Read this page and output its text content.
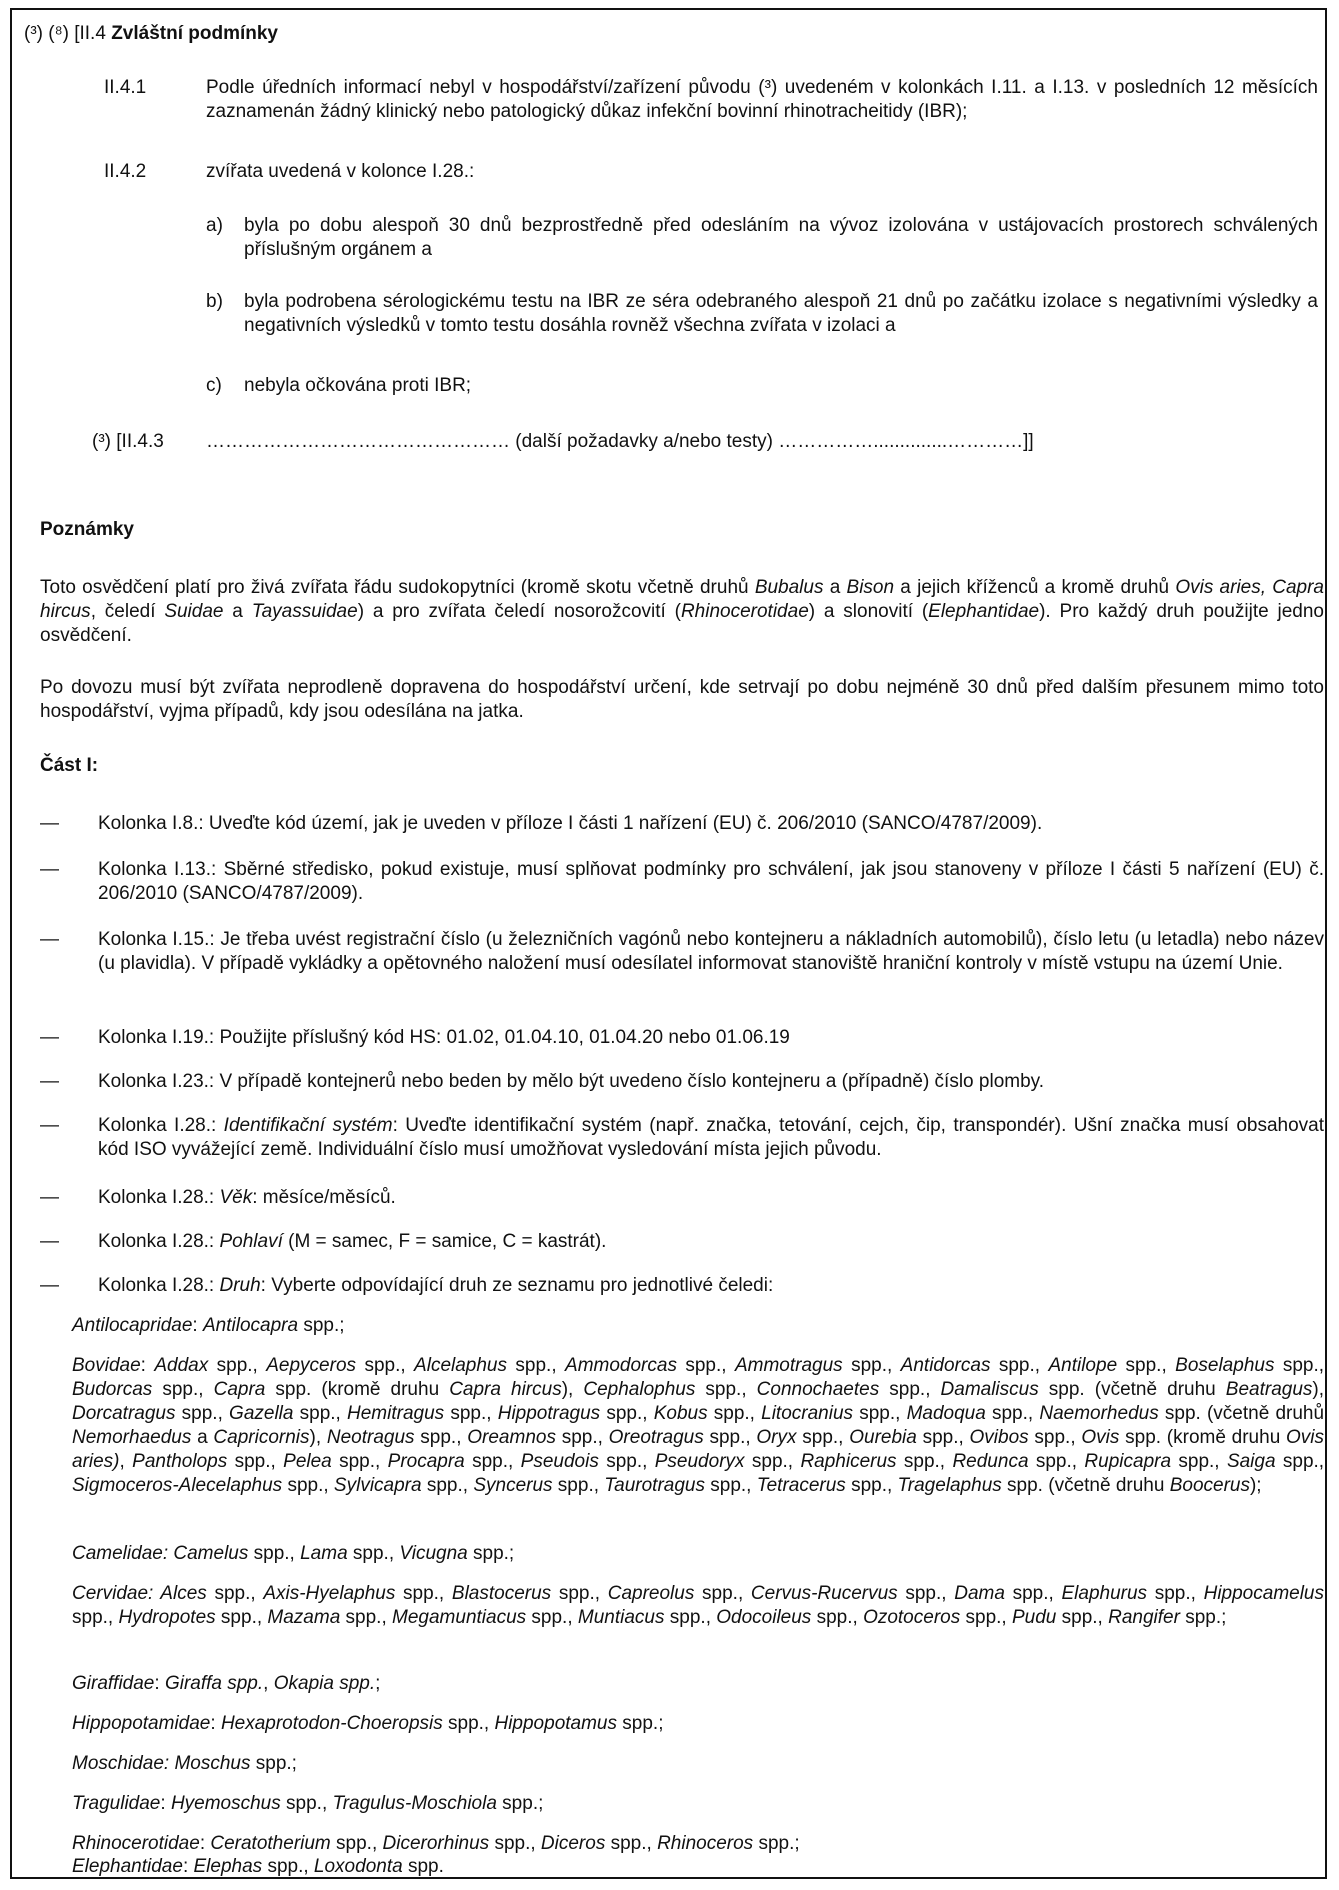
(³) (⁸) [II.4 Zvláštní podmínky
II.4.1	Podle úředních informací nebyl v hospodářství/zařízení původu (³) uvedeném v kolonkách I.11. a I.13. v posledních 12 měsících zaznamenán žádný klinický nebo patologický důkaz infekční bovinní rhinotracheitidy (IBR);
II.4.2	zvířata uvedená v kolonce I.28.:
a) byla po dobu alespoň 30 dnů bezprostředně před odesláním na vývoz izolována v ustájovacích prostorech schválených příslušným orgánem a
b) byla podrobena sérologickému testu na IBR ze séra odebraného alespoň 21 dnů po začátku izolace s negativními výsledky a negativních výsledků v tomto testu dosáhla rovněž všechna zvířata v izolaci a
c) nebyla očkována proti IBR;
(³) [II.4.3 ………………………………………… (další požadavky a/nebo testy) ……………..............…………]]
Poznámky
Toto osvědčení platí pro živá zvířata řádu sudokopytníci (kromě skotu včetně druhů Bubalus a Bison a jejich kříženců a kromě druhů Ovis aries, Capra hircus, čeledí Suidae a Tayassuidae) a pro zvířata čeledí nosorožcovití (Rhinocerotidae) a slonovití (Elephantidae). Pro každý druh použijte jedno osvědčení.
Po dovozu musí být zvířata neprodleně dopravena do hospodářství určení, kde setrvají po dobu nejméně 30 dnů před dalším přesunem mimo toto hospodářství, vyjma případů, kdy jsou odesílána na jatka.
Část I:
— Kolonka I.8.: Uveďte kód území, jak je uveden v příloze I části 1 nařízení (EU) č. 206/2010 (SANCO/4787/2009).
— Kolonka I.13.: Sběrné středisko, pokud existuje, musí splňovat podmínky pro schválení, jak jsou stanoveny v příloze I části 5 nařízení (EU) č. 206/2010 (SANCO/4787/2009).
— Kolonka I.15.: Je třeba uvést registrační číslo (u železničních vagónů nebo kontejneru a nákladních automobilů), číslo letu (u letadla) nebo název (u plavidla). V případě vykládky a opětovného naložení musí odesílatel informovat stanoviště hraniční kontroly v místě vstupu na území Unie.
— Kolonka I.19.: Použijte příslušný kód HS: 01.02, 01.04.10, 01.04.20 nebo 01.06.19
— Kolonka I.23.: V případě kontejnerů nebo beden by mělo být uvedeno číslo kontejneru a (případně) číslo plomby.
— Kolonka I.28.: Identifikační systém: Uveďte identifikační systém (např. značka, tetování, cejch, čip, transpondér). Ušní značka musí obsahovat kód ISO vyvážející země. Individuální číslo musí umožňovat vysledování místa jejich původu.
— Kolonka I.28.: Věk: měsíce/měsíců.
— Kolonka I.28.: Pohlaví (M = samec, F = samice, C = kastrát).
— Kolonka I.28.: Druh: Vyberte odpovídající druh ze seznamu pro jednotlivé čeledi:
Antilocapridae: Antilocapra spp.;
Bovidae: Addax spp., Aepyceros spp., Alcelaphus spp., Ammodorcas spp., Ammotragus spp., Antidorcas spp., Antilope spp., Boselaphus spp., Budorcas spp., Capra spp. (kromě druhu Capra hircus), Cephalophus spp., Connochaetes spp., Damaliscus spp. (včetně druhu Beatragus), Dorcatragus spp., Gazella spp., Hemitragus spp., Hippotragus spp., Kobus spp., Litocranius spp., Madoqua spp., Naemorhedus spp. (včetně druhů Nemorhaedus a Capricornis), Neotragus spp., Oreamnos spp., Oreotragus spp., Oryx spp., Ourebia spp., Ovibos spp., Ovis spp. (kromě druhu Ovis aries), Pantholops spp., Pelea spp., Procapra spp., Pseudois spp., Pseudoryx spp., Raphicerus spp., Redunca spp., Rupicapra spp., Saiga spp., Sigmoceros-Alecelaphus spp., Sylvicapra spp., Syncerus spp., Taurotragus spp., Tetracerus spp., Tragelaphus spp. (včetně druhu Boocerus);
Camelidae: Camelus spp., Lama spp., Vicugna spp.;
Cervidae: Alces spp., Axis-Hyelaphus spp., Blastocerus spp., Capreolus spp., Cervus-Rucervus spp., Dama spp., Elaphurus spp., Hippocamelus spp., Hydropotes spp., Mazama spp., Megamuntiacus spp., Muntiacus spp., Odocoileus spp., Ozotoceros spp., Pudu spp., Rangifer spp.;
Giraffidae: Giraffa spp., Okapia spp.;
Hippopotamidae: Hexaprotodon-Choeropsis spp., Hippopotamus spp.;
Moschidae: Moschus spp.;
Tragulidae: Hyemoschus spp., Tragulus-Moschiola spp.;
Rhinocerotidae: Ceratotherium spp., Dicerorhinus spp., Diceros spp., Rhinoceros spp.;
Elephantidae: Elephas spp., Loxodonta spp.
